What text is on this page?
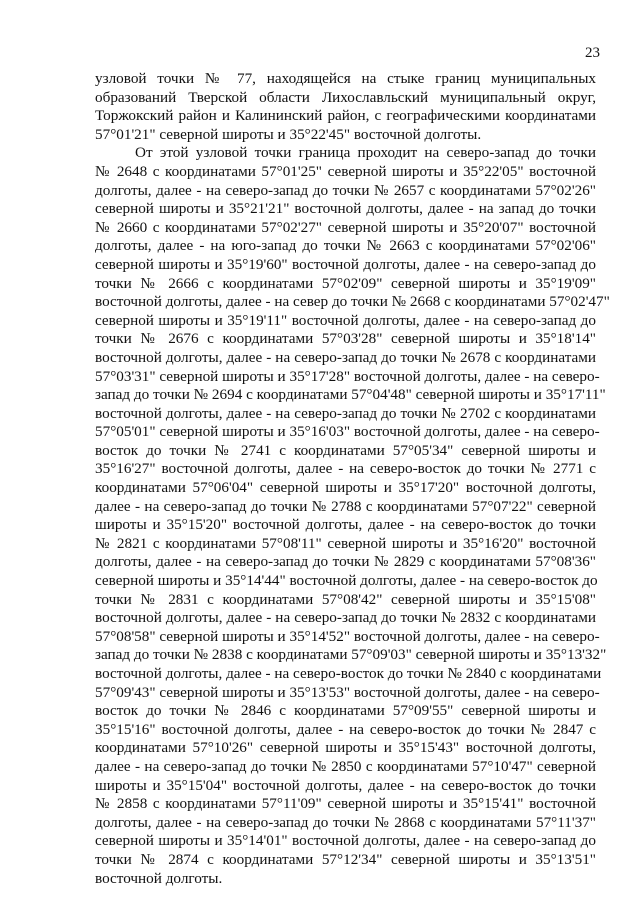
23
узловой точки № 77, находящейся на стыке границ муниципальных
образований Тверской области Лихославльский муниципальный округ,
Торжокский район и Калининский район, с географическими координатами
57°01'21" северной широты и 35°22'45" восточной долготы.
От этой узловой точки граница проходит на северо-запад до точки
№ 2648 с координатами 57°01'25" северной широты и 35°22'05" восточной
долготы, далее - на северо-запад до точки № 2657 с координатами 57°02'26"
северной широты и 35°21'21" восточной долготы, далее - на запад до точки
№ 2660 с координатами 57°02'27" северной широты и 35°20'07" восточной
долготы, далее - на юго-запад до точки № 2663 с координатами 57°02'06"
северной широты и 35°19'60" восточной долготы, далее - на северо-запад до
точки № 2666 с координатами 57°02'09" северной широты и 35°19'09"
восточной долготы, далее - на север до точки № 2668 с координатами 57°02'47"
северной широты и 35°19'11" восточной долготы, далее - на северо-запад до
точки № 2676 с координатами 57°03'28" северной широты и 35°18'14"
восточной долготы, далее - на северо-запад до точки № 2678 с координатами
57°03'31" северной широты и 35°17'28" восточной долготы, далее - на северо-
запад до точки № 2694 с координатами 57°04'48" северной широты и 35°17'11"
восточной долготы, далее - на северо-запад до точки № 2702 с координатами
57°05'01" северной широты и 35°16'03" восточной долготы, далее - на северо-
восток до точки № 2741 с координатами 57°05'34" северной широты и
35°16'27" восточной долготы, далее - на северо-восток до точки № 2771 с
координатами 57°06'04" северной широты и 35°17'20" восточной долготы,
далее - на северо-запад до точки № 2788 с координатами 57°07'22" северной
широты и 35°15'20" восточной долготы, далее - на северо-восток до точки
№ 2821 с координатами 57°08'11" северной широты и 35°16'20" восточной
долготы, далее - на северо-запад до точки № 2829 с координатами 57°08'36"
северной широты и 35°14'44" восточной долготы, далее - на северо-восток до
точки № 2831 с координатами 57°08'42" северной широты и 35°15'08"
восточной долготы, далее - на северо-запад до точки № 2832 с координатами
57°08'58" северной широты и 35°14'52" восточной долготы, далее - на северо-
запад до точки № 2838 с координатами 57°09'03" северной широты и 35°13'32"
восточной долготы, далее - на северо-восток до точки № 2840 с координатами
57°09'43" северной широты и 35°13'53" восточной долготы, далее - на северо-
восток до точки № 2846 с координатами 57°09'55" северной широты и
35°15'16" восточной долготы, далее - на северо-восток до точки № 2847 с
координатами 57°10'26" северной широты и 35°15'43" восточной долготы,
далее - на северо-запад до точки № 2850 с координатами 57°10'47" северной
широты и 35°15'04" восточной долготы, далее - на северо-восток до точки
№ 2858 с координатами 57°11'09" северной широты и 35°15'41" восточной
долготы, далее - на северо-запад до точки № 2868 с координатами 57°11'37"
северной широты и 35°14'01" восточной долготы, далее - на северо-запад до
точки № 2874 с координатами 57°12'34" северной широты и 35°13'51"
восточной долготы.
